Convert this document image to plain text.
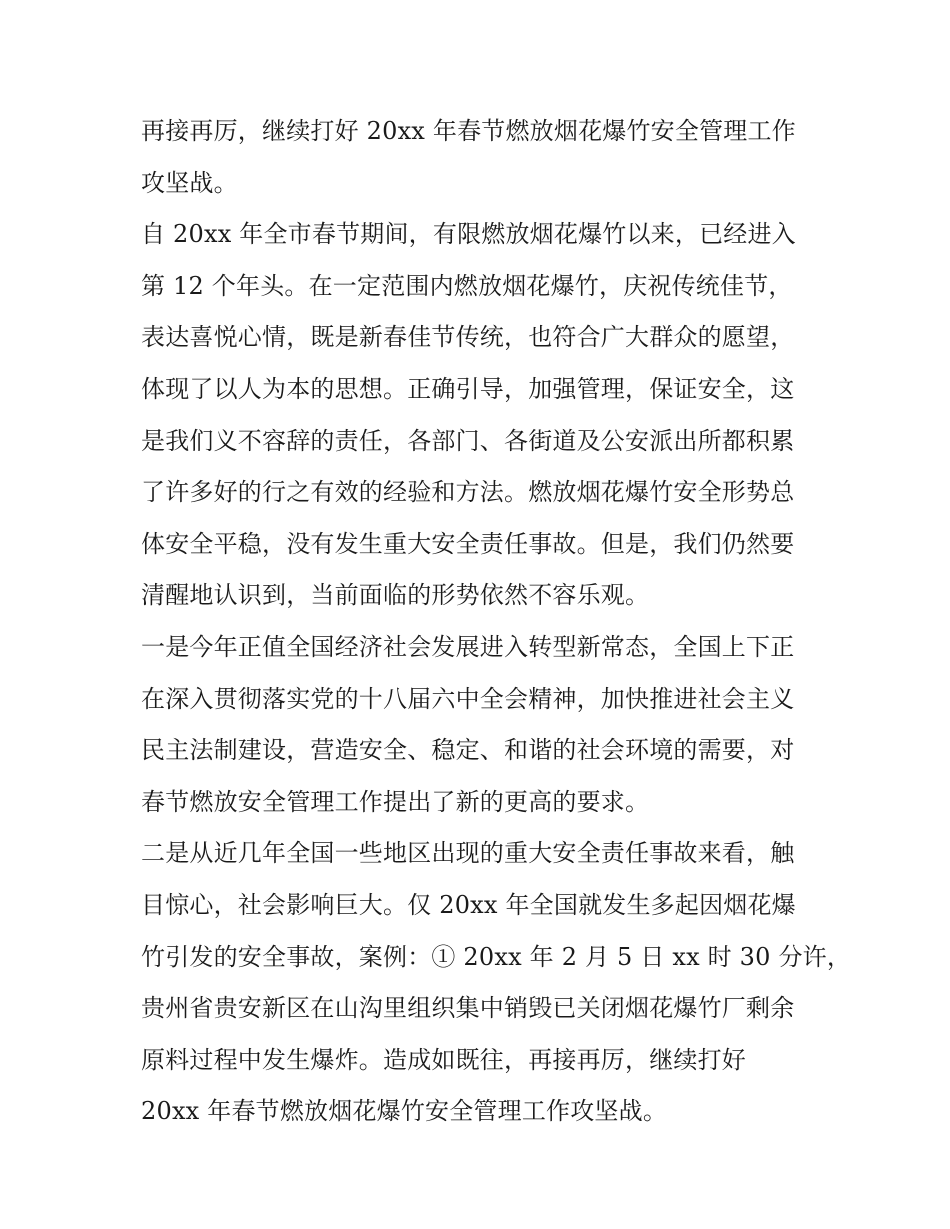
再接再厉，继续打好 20xx 年春节燃放烟花爆竹安全管理工作
攻坚战。
自 20xx 年全市春节期间，有限燃放烟花爆竹以来，已经进入
第 12 个年头。在一定范围内燃放烟花爆竹，庆祝传统佳节，
表达喜悦心情，既是新春佳节传统，也符合广大群众的愿望，
体现了以人为本的思想。正确引导，加强管理，保证安全，这
是我们义不容辞的责任，各部门、各街道及公安派出所都积累
了许多好的行之有效的经验和方法。燃放烟花爆竹安全形势总
体安全平稳，没有发生重大安全责任事故。但是，我们仍然要
清醒地认识到，当前面临的形势依然不容乐观。
一是今年正值全国经济社会发展进入转型新常态，全国上下正
在深入贯彻落实党的十八届六中全会精神，加快推进社会主义
民主法制建设，营造安全、稳定、和谐的社会环境的需要，对
春节燃放安全管理工作提出了新的更高的要求。
二是从近几年全国一些地区出现的重大安全责任事故来看，触
目惊心，社会影响巨大。仅 20xx 年全国就发生多起因烟花爆
竹引发的安全事故，案例：① 20xx 年 2 月 5 日 xx 时 30 分许，
贵州省贵安新区在山沟里组织集中销毁已关闭烟花爆竹厂剩余
原料过程中发生爆炸。造成如既往，再接再厉，继续打好
20xx 年春节燃放烟花爆竹安全管理工作攻坚战。
